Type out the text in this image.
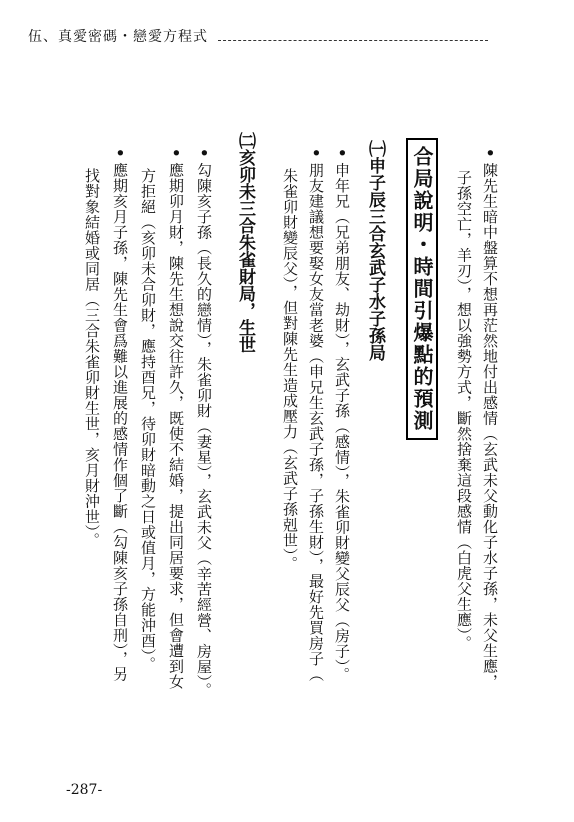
伍、真愛密碼・戀愛方程式
•陳先生暗中盤算不想再茫然地付出感情（玄武未父動化子水子孫，未父生應，
子孫空亡，羊刃），想以強勢方式，斷然捨棄這段感情（白虎父生應）。
合局說明・時間引爆點的預測
㈠申子辰三合玄武子水子孫局
•申年兄（兄弟朋友、劫財），玄武子孫（感情），朱雀卯財變父辰父（房子）。
•朋友建議想要娶女友當老婆（申兄生玄武子孫，子孫生財），最好先買房子（
朱雀卯財變辰父），但對陳先生造成壓力（玄武子孫剋世）。
㈡亥卯未三合朱雀財局，生世
•勾陳亥子孫（長久的戀情），朱雀卯財（妻星），玄武未父（辛苦經營、房屋）。
•應期卯月財，陳先生想說交往許久，既使不結婚，提出同居要求，但會遭到女
方拒絕（亥卯未合卯財，應持酉兄，待卯財暗動之日或值月，方能沖酉）。
•應期亥月子孫，陳先生會爲難以進展的感情作個了斷（勾陳亥子孫自刑），另
找對象結婚或同居（三合朱雀卯財生世，亥月財沖世）。
-287-
